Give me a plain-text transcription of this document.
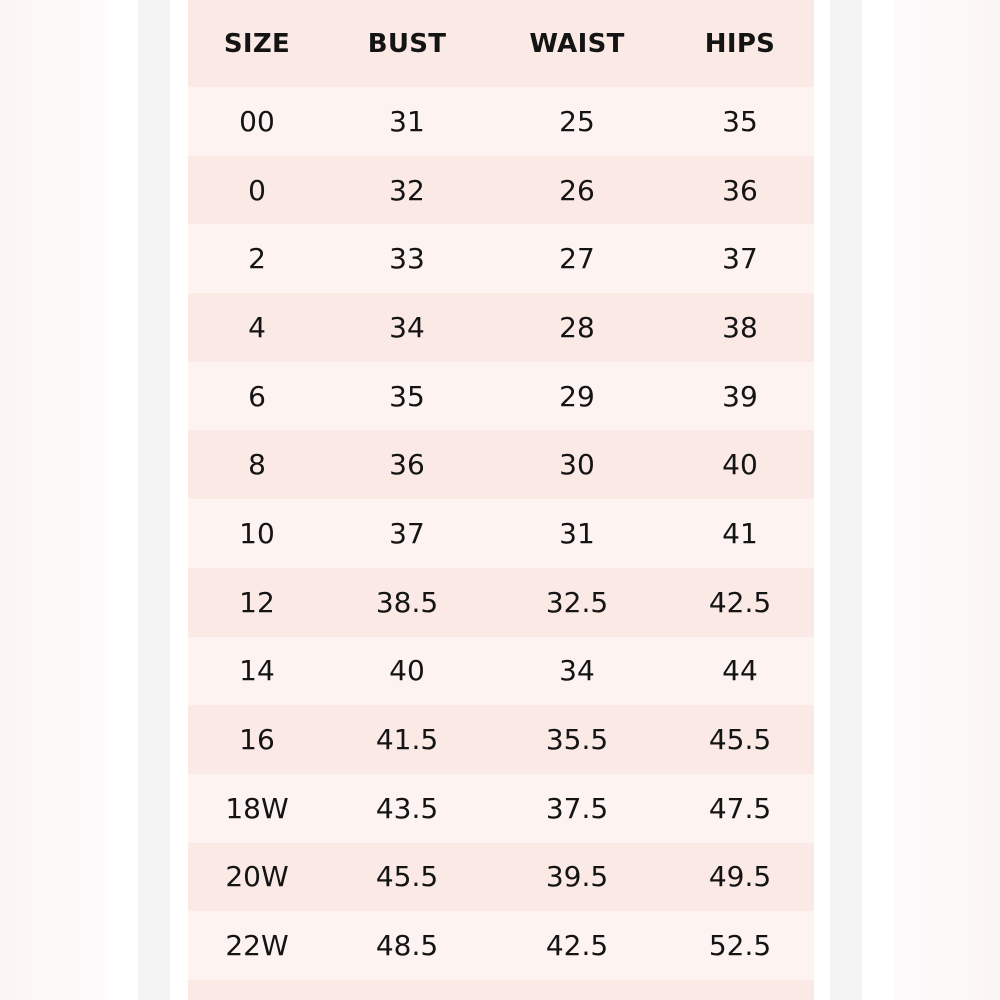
SIZE	BUST	WAIST	HIPS
00	31	25	35
0	32	26	36
2	33	27	37
4	34	28	38
6	35	29	39
8	36	30	40
10	37	31	41
12	38.5	32.5	42.5
14	40	34	44
16	41.5	35.5	45.5
18W	43.5	37.5	47.5
20W	45.5	39.5	49.5
22W	48.5	42.5	52.5
